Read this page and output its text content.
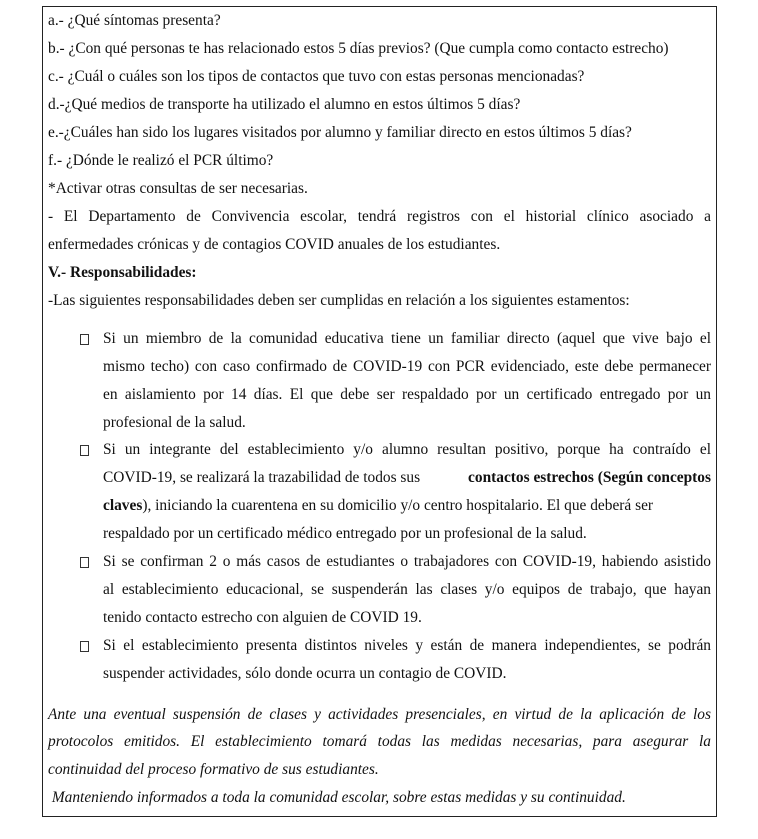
a.- ¿Qué síntomas presenta?
b.- ¿Con qué personas te has relacionado estos 5 días previos? (Que cumpla como contacto estrecho)
c.- ¿Cuál o cuáles son los tipos de contactos que tuvo con estas personas mencionadas?
d.-¿Qué medios de transporte ha utilizado el alumno en estos últimos 5 días?
e.-¿Cuáles han sido los lugares visitados por alumno y familiar directo en estos últimos 5 días?
f.- ¿Dónde le realizó el PCR último?
*Activar otras consultas de ser necesarias.
- El Departamento de Convivencia escolar, tendrá registros con el historial clínico asociado a
enfermedades crónicas y de contagios COVID anuales de los estudiantes.
V.- Responsabilidades:
-Las siguientes responsabilidades deben ser cumplidas en relación a los siguientes estamentos:
Si un miembro de la comunidad educativa tiene un familiar directo (aquel que vive bajo el
mismo techo) con caso confirmado de COVID-19 con PCR evidenciado, este debe permanecer
en aislamiento por 14 días. El que debe ser respaldado por un certificado entregado por un
profesional de la salud.
Si un integrante del establecimiento y/o alumno resultan positivo, porque ha contraído el
COVID-19, se realizará la trazabilidad de todos sus	contactos estrechos (Según conceptos
claves), iniciando la cuarentena en su domicilio y/o centro hospitalario. El que deberá ser
respaldado por un certificado médico entregado por un profesional de la salud.
Si se confirman 2 o más casos de estudiantes o trabajadores con COVID-19, habiendo asistido
al establecimiento educacional, se suspenderán las clases y/o equipos de trabajo, que hayan
tenido contacto estrecho con alguien de COVID 19.
Si el establecimiento presenta distintos niveles y están de manera independientes, se podrán
suspender actividades, sólo donde ocurra un contagio de COVID.
Ante una eventual suspensión de clases y actividades presenciales, en virtud de la aplicación de los
protocolos emitidos. El establecimiento tomará todas las medidas necesarias, para asegurar la
continuidad del proceso formativo de sus estudiantes.
Manteniendo informados a toda la comunidad escolar, sobre estas medidas y su continuidad.
